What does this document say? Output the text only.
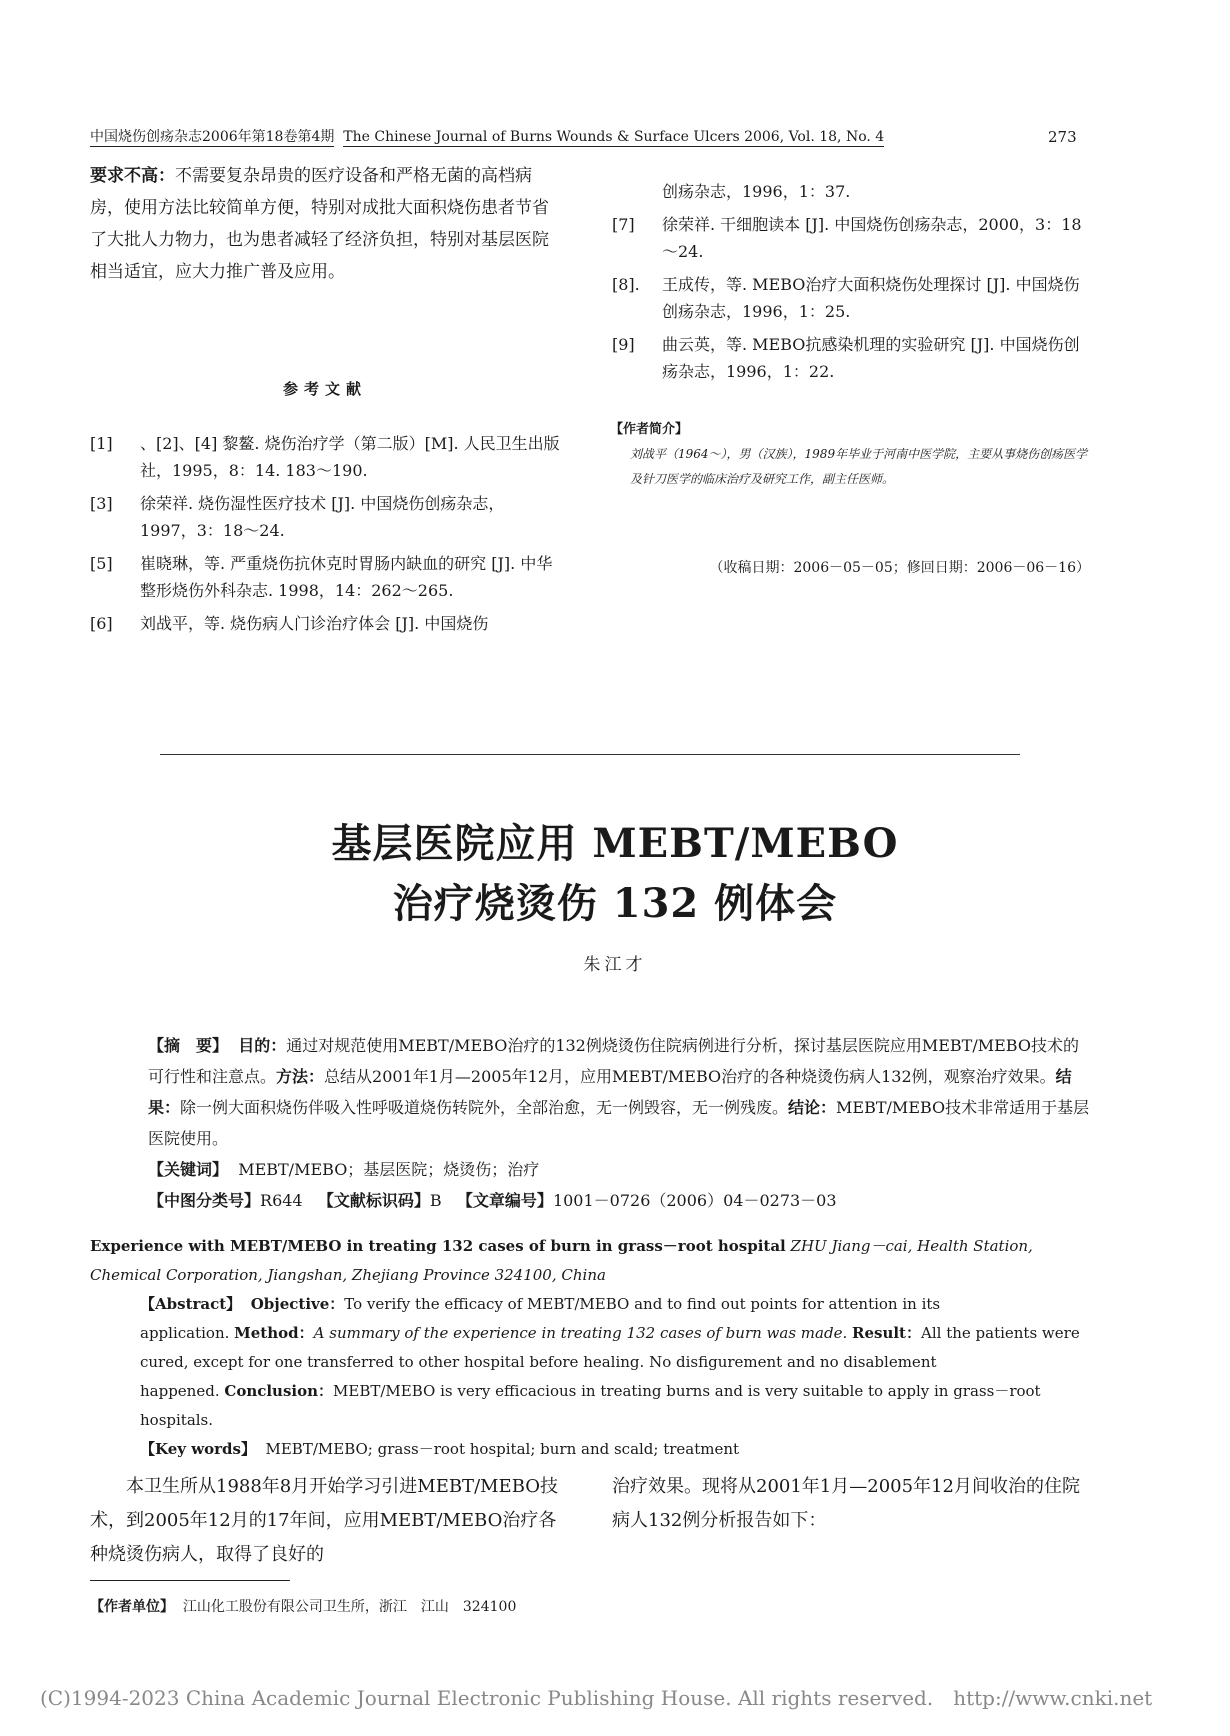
中国烧伤创疡杂志2006年第18卷第4期 The Chinese Journal of Burns Wounds & Surface Ulcers 2006, Vol. 18, No. 4	273
要求不高：不需要复杂昂贵的医疗设备和严格无菌的高档病房，使用方法比较简单方便，特别对成批大面积烧伤患者节省了大批人力物力，也为患者减轻了经济负担，特别对基层医院相当适宜，应大力推广普及应用。
参考文献
[1] 、[2]、[4] 黎鳌. 烧伤治疗学（第二版）[M]. 人民卫生出版社，1995，8：14. 183～190.
[3] 徐荣祥. 烧伤湿性医疗技术 [J]. 中国烧伤创疡杂志，1997，3：18～24.
[5] 崔晓琳，等. 严重烧伤抗休克时胃肠内缺血的研究 [J]. 中华整形烧伤外科杂志. 1998，14：262～265.
[6] 刘战平，等. 烧伤病人门诊治疗体会 [J]. 中国烧伤
创疡杂志，1996，1：37.
[7] 徐荣祥. 干细胞读本 [J]. 中国烧伤创疡杂志，2000，3：18～24.
[8]. 王成传，等. MEBO治疗大面积烧伤处理探讨 [J]. 中国烧伤创疡杂志，1996，1：25.
[9] 曲云英，等. MEBO抗感染机理的实验研究 [J]. 中国烧伤创疡杂志，1996，1：22.
【作者简介】
刘战平（1964～），男（汉族），1989年毕业于河南中医学院，主要从事烧伤创疡医学及针刀医学的临床治疗及研究工作，副主任医师。
（收稿日期：2006－05－05；修回日期：2006－06－16）
基层医院应用 MEBT/MEBO
治疗烧烫伤 132 例体会
朱江才
【摘　要】 目的：通过对规范使用MEBT/MEBO治疗的132例烧烫伤住院病例进行分析，探讨基层医院应用MEBT/MEBO技术的可行性和注意点。方法：总结从2001年1月—2005年12月，应用MEBT/MEBO治疗的各种烧烫伤病人132例，观察治疗效果。结果：除一例大面积烧伤伴吸入性呼吸道烧伤转院外，全部治愈，无一例毁容，无一例残废。结论：MEBT/MEBO技术非常适用于基层医院使用。
【关键词】 MEBT/MEBO；基层医院；烧烫伤；治疗
【中图分类号】R644 【文献标识码】B 【文章编号】1001－0726（2006）04－0273－03
Experience with MEBT/MEBO in treating 132 cases of burn in grass－root hospital ZHU Jiang－cai, Health Station, Chemical Corporation, Jiangshan, Zhejiang Province 324100, China
【Abstract】 Objective：To verify the efficacy of MEBT/MEBO and to find out points for attention in its application. Method：A summary of the experience in treating 132 cases of burn was made. Result：All the patients were cured, except for one transferred to other hospital before healing. No disfigurement and no disablement happened. Conclusion：MEBT/MEBO is very efficacious in treating burns and is very suitable to apply in grass－root hospitals.
【Key words】 MEBT/MEBO; grass－root hospital; burn and scald; treatment
本卫生所从1988年8月开始学习引进MEBT/MEBO技术，到2005年12月的17年间，应用MEBT/MEBO治疗各种烧烫伤病人，取得了良好的
治疗效果。现将从2001年1月—2005年12月间收治的住院病人132例分析报告如下：
【作者单位】 江山化工股份有限公司卫生所，浙江　江山　324100
(C)1994-2023 China Academic Journal Electronic Publishing House. All rights reserved.　http://www.cnki.net
